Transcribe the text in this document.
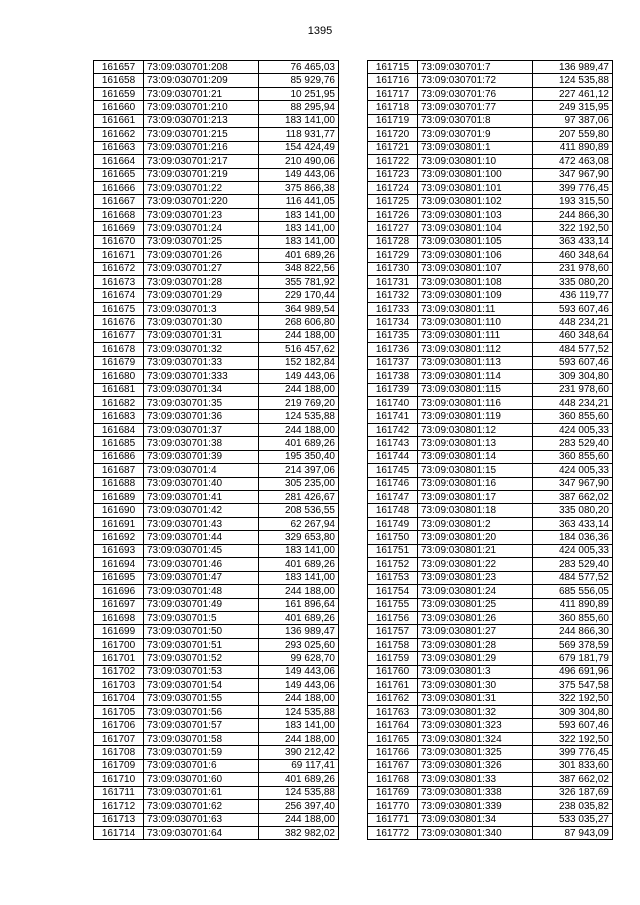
1395
161657	73:09:030701:208	76 465,03
161658	73:09:030701:209	85 929,76
161659	73:09:030701:21	10 251,95
161660	73:09:030701:210	88 295,94
161661	73:09:030701:213	183 141,00
161662	73:09:030701:215	118 931,77
161663	73:09:030701:216	154 424,49
161664	73:09:030701:217	210 490,06
161665	73:09:030701:219	149 443,06
161666	73:09:030701:22	375 866,38
161667	73:09:030701:220	116 441,05
161668	73:09:030701:23	183 141,00
161669	73:09:030701:24	183 141,00
161670	73:09:030701:25	183 141,00
161671	73:09:030701:26	401 689,26
161672	73:09:030701:27	348 822,56
161673	73:09:030701:28	355 781,92
161674	73:09:030701:29	229 170,44
161675	73:09:030701:3	364 989,54
161676	73:09:030701:30	268 606,80
161677	73:09:030701:31	244 188,00
161678	73:09:030701:32	516 457,62
161679	73:09:030701:33	152 182,84
161680	73:09:030701:333	149 443,06
161681	73:09:030701:34	244 188,00
161682	73:09:030701:35	219 769,20
161683	73:09:030701:36	124 535,88
161684	73:09:030701:37	244 188,00
161685	73:09:030701:38	401 689,26
161686	73:09:030701:39	195 350,40
161687	73:09:030701:4	214 397,06
161688	73:09:030701:40	305 235,00
161689	73:09:030701:41	281 426,67
161690	73:09:030701:42	208 536,55
161691	73:09:030701:43	62 267,94
161692	73:09:030701:44	329 653,80
161693	73:09:030701:45	183 141,00
161694	73:09:030701:46	401 689,26
161695	73:09:030701:47	183 141,00
161696	73:09:030701:48	244 188,00
161697	73:09:030701:49	161 896,64
161698	73:09:030701:5	401 689,26
161699	73:09:030701:50	136 989,47
161700	73:09:030701:51	293 025,60
161701	73:09:030701:52	99 628,70
161702	73:09:030701:53	149 443,06
161703	73:09:030701:54	149 443,06
161704	73:09:030701:55	244 188,00
161705	73:09:030701:56	124 535,88
161706	73:09:030701:57	183 141,00
161707	73:09:030701:58	244 188,00
161708	73:09:030701:59	390 212,42
161709	73:09:030701:6	69 117,41
161710	73:09:030701:60	401 689,26
161711	73:09:030701:61	124 535,88
161712	73:09:030701:62	256 397,40
161713	73:09:030701:63	244 188,00
161714	73:09:030701:64	382 982,02
161715	73:09:030701:7	136 989,47
161716	73:09:030701:72	124 535,88
161717	73:09:030701:76	227 461,12
161718	73:09:030701:77	249 315,95
161719	73:09:030701:8	97 387,06
161720	73:09:030701:9	207 559,80
161721	73:09:030801:1	411 890,89
161722	73:09:030801:10	472 463,08
161723	73:09:030801:100	347 967,90
161724	73:09:030801:101	399 776,45
161725	73:09:030801:102	193 315,50
161726	73:09:030801:103	244 866,30
161727	73:09:030801:104	322 192,50
161728	73:09:030801:105	363 433,14
161729	73:09:030801:106	460 348,64
161730	73:09:030801:107	231 978,60
161731	73:09:030801:108	335 080,20
161732	73:09:030801:109	436 119,77
161733	73:09:030801:11	593 607,46
161734	73:09:030801:110	448 234,21
161735	73:09:030801:111	460 348,64
161736	73:09:030801:112	484 577,52
161737	73:09:030801:113	593 607,46
161738	73:09:030801:114	309 304,80
161739	73:09:030801:115	231 978,60
161740	73:09:030801:116	448 234,21
161741	73:09:030801:119	360 855,60
161742	73:09:030801:12	424 005,33
161743	73:09:030801:13	283 529,40
161744	73:09:030801:14	360 855,60
161745	73:09:030801:15	424 005,33
161746	73:09:030801:16	347 967,90
161747	73:09:030801:17	387 662,02
161748	73:09:030801:18	335 080,20
161749	73:09:030801:2	363 433,14
161750	73:09:030801:20	184 036,36
161751	73:09:030801:21	424 005,33
161752	73:09:030801:22	283 529,40
161753	73:09:030801:23	484 577,52
161754	73:09:030801:24	685 556,05
161755	73:09:030801:25	411 890,89
161756	73:09:030801:26	360 855,60
161757	73:09:030801:27	244 866,30
161758	73:09:030801:28	569 378,59
161759	73:09:030801:29	679 181,79
161760	73:09:030801:3	496 691,96
161761	73:09:030801:30	375 547,58
161762	73:09:030801:31	322 192,50
161763	73:09:030801:32	309 304,80
161764	73:09:030801:323	593 607,46
161765	73:09:030801:324	322 192,50
161766	73:09:030801:325	399 776,45
161767	73:09:030801:326	301 833,60
161768	73:09:030801:33	387 662,02
161769	73:09:030801:338	326 187,69
161770	73:09:030801:339	238 035,82
161771	73:09:030801:34	533 035,27
161772	73:09:030801:340	87 943,09
